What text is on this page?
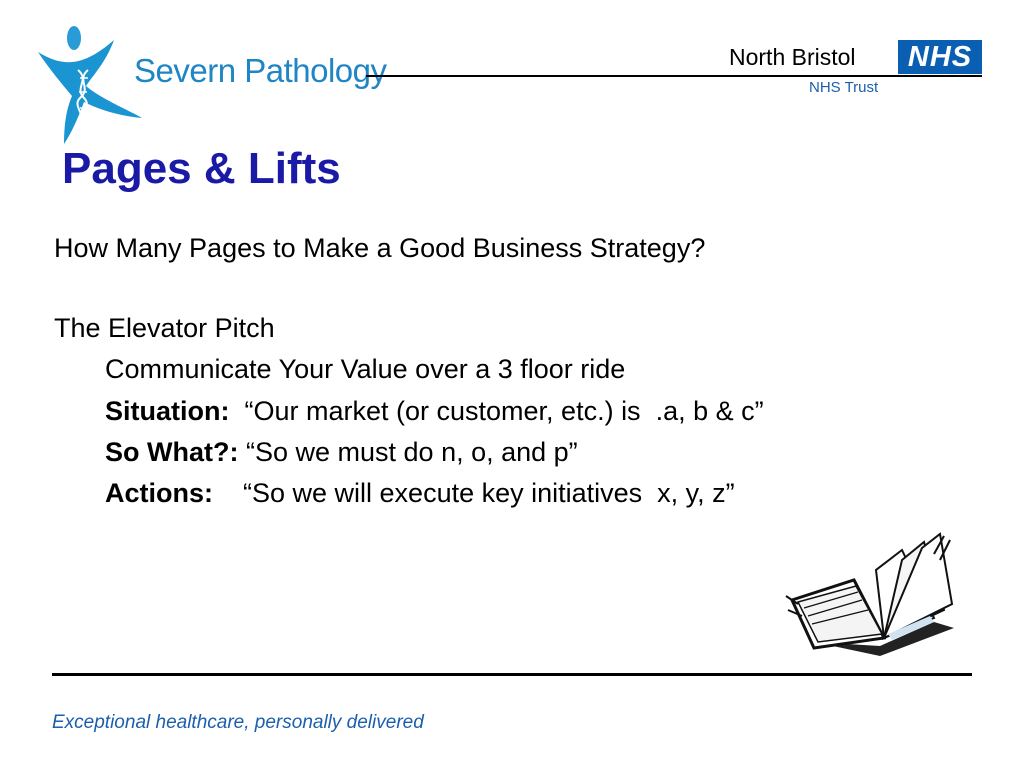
Severn Pathology	North Bristol
NHS Trust
NHS
Pages & Lifts
How Many Pages to Make a Good Business Strategy?
The Elevator Pitch
Communicate Your Value over a 3 floor ride
Situation:  “Our market (or customer, etc.) is  .a, b & c”
So What?: “So we must do n, o, and p”
Actions:    “So we will execute key initiatives  x, y, z”
Exceptional healthcare, personally delivered
